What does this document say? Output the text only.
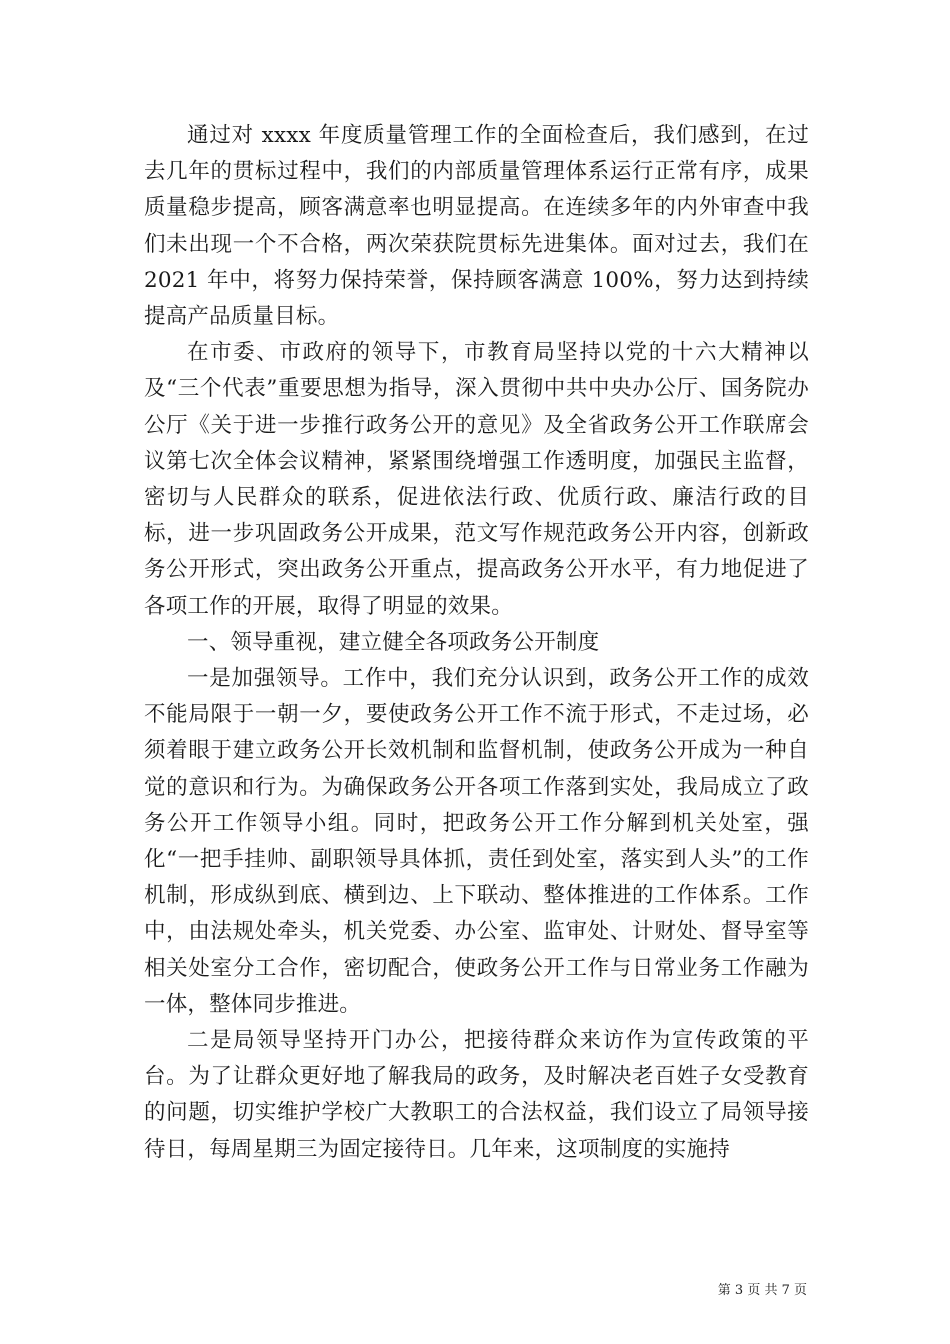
通过对 xxxx 年度质量管理工作的全面检查后，我们感到，在过去几年的贯标过程中，我们的内部质量管理体系运行正常有序，成果质量稳步提高，顾客满意率也明显提高。在连续多年的内外审查中我们未出现一个不合格，两次荣获院贯标先进集体。面对过去，我们在 2021 年中，将努力保持荣誉，保持顾客满意 100%，努力达到持续提高产品质量目标。

在市委、市政府的领导下，市教育局坚持以党的十六大精神以及“三个代表”重要思想为指导，深入贯彻中共中央办公厅、国务院办公厅《关于进一步推行政务公开的意见》及全省政务公开工作联席会议第七次全体会议精神，紧紧围绕增强工作透明度，加强民主监督，密切与人民群众的联系，促进依法行政、优质行政、廉洁行政的目标，进一步巩固政务公开成果，范文写作规范政务公开内容，创新政务公开形式，突出政务公开重点，提高政务公开水平，有力地促进了各项工作的开展，取得了明显的效果。

一、领导重视，建立健全各项政务公开制度

一是加强领导。工作中，我们充分认识到，政务公开工作的成效不能局限于一朝一夕，要使政务公开工作不流于形式，不走过场，必须着眼于建立政务公开长效机制和监督机制，使政务公开成为一种自觉的意识和行为。为确保政务公开各项工作落到实处，我局成立了政务公开工作领导小组。同时，把政务公开工作分解到机关处室，强化“一把手挂帅、副职领导具体抓，责任到处室，落实到人头”的工作机制，形成纵到底、横到边、上下联动、整体推进的工作体系。工作中，由法规处牵头，机关党委、办公室、监审处、计财处、督导室等相关处室分工合作，密切配合，使政务公开工作与日常业务工作融为一体，整体同步推进。

二是局领导坚持开门办公，把接待群众来访作为宣传政策的平台。为了让群众更好地了解我局的政务，及时解决老百姓子女受教育的问题，切实维护学校广大教职工的合法权益，我们设立了局领导接待日，每周星期三为固定接待日。几年来，这项制度的实施持

第 3 页 共 7 页
